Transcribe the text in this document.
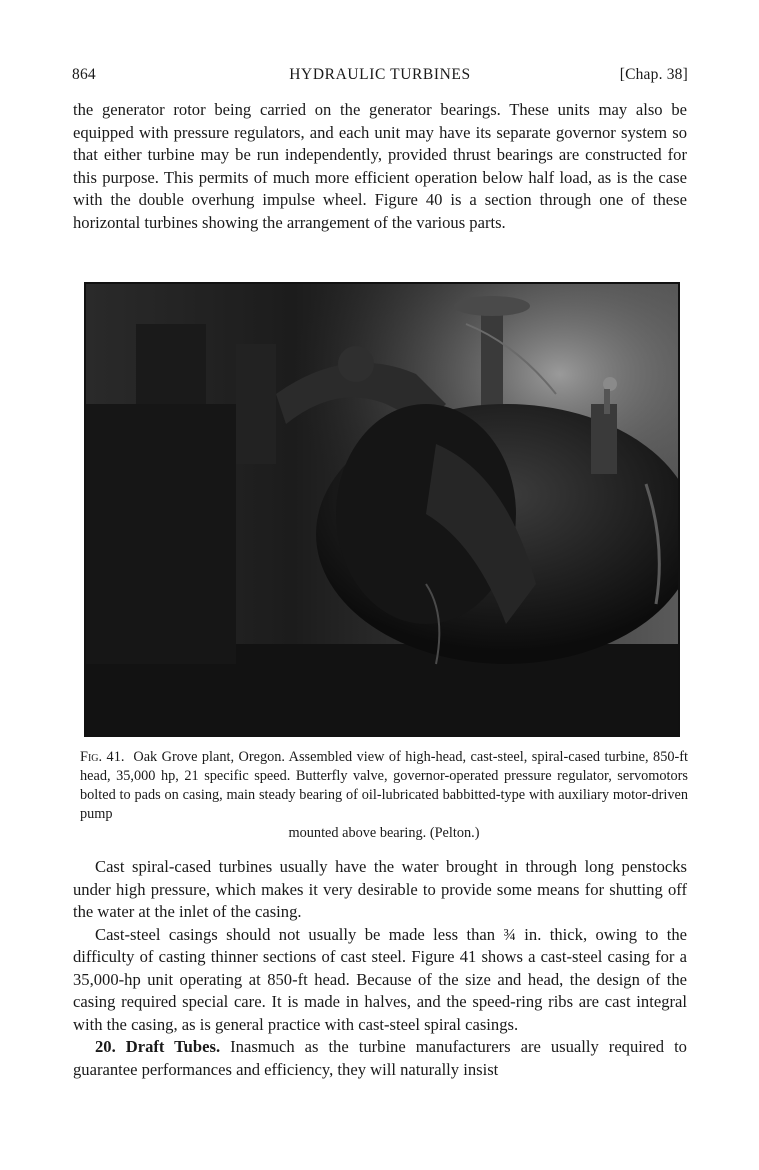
864	HYDRAULIC TURBINES	[Chap. 38]

the generator rotor being carried on the generator bearings. These units may also be equipped with pressure regulators, and each unit may have its separate governor system so that either turbine may be run independently, provided thrust bearings are constructed for this purpose. This permits of much more efficient operation below half load, as is the case with the double overhung impulse wheel. Figure 40 is a section through one of these horizontal turbines showing the arrangement of the various parts.

Fig. 41. Oak Grove plant, Oregon. Assembled view of high-head, cast-steel, spiral-cased turbine, 850-ft head, 35,000 hp, 21 specific speed. Butterfly valve, governor-operated pressure regulator, servomotors bolted to pads on casing, main steady bearing of oil-lubricated babbitted-type with auxiliary motor-driven pump
mounted above bearing. (Pelton.)

Cast spiral-cased turbines usually have the water brought in through long penstocks under high pressure, which makes it very desirable to provide some means for shutting off the water at the inlet of the casing.

Cast-steel casings should not usually be made less than ¾ in. thick, owing to the difficulty of casting thinner sections of cast steel. Figure 41 shows a cast-steel casing for a 35,000-hp unit operating at 850-ft head. Because of the size and head, the design of the casing required special care. It is made in halves, and the speed-ring ribs are cast integral with the casing, as is general practice with cast-steel spiral casings.

20. Draft Tubes. Inasmuch as the turbine manufacturers are usually required to guarantee performances and efficiency, they will naturally insist
